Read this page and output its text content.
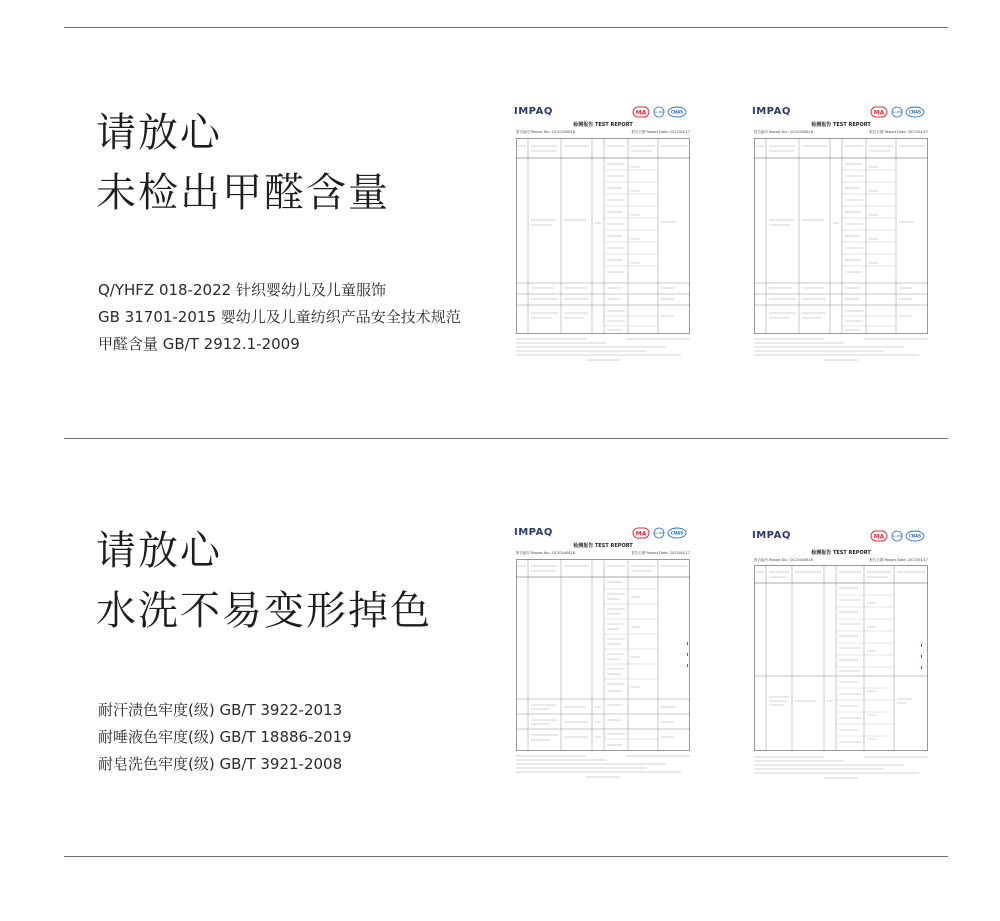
请放心
未检出甲醛含量
Q/YHFZ 018-2022 针织婴幼儿及儿童服饰
GB 31701-2015 婴幼儿及儿童纺织产品安全技术规范
甲醛含量 GB/T 2912.1-2009
IMPAQ	MA	ilac-MRA CNAS
检测报告 TEST REPORT
报告编号 Report No.: QC20440818	报告日期 Report Date: 2023/04/17
IMPAQ	MA	ilac-MRA CNAS
检测报告 TEST REPORT
报告编号 Report No.: QC20440818	报告日期 Report Date: 2023/04/17
请放心
水洗不易变形掉色
耐汗渍色牢度(级) GB/T 3922-2013
耐唾液色牢度(级) GB/T 18886-2019
耐皂洗色牢度(级) GB/T 3921-2008
IMPAQ	MA	ilac-MRA CNAS
检测报告 TEST REPORT
报告编号 Report No.: QC20440818	报告日期 Report Date: 2023/04/17
IMPAQ	MA	ilac-MRA CNAS
检测报告 TEST REPORT
报告编号 Report No.: QC20440818	报告日期 Report Date: 2023/04/17
